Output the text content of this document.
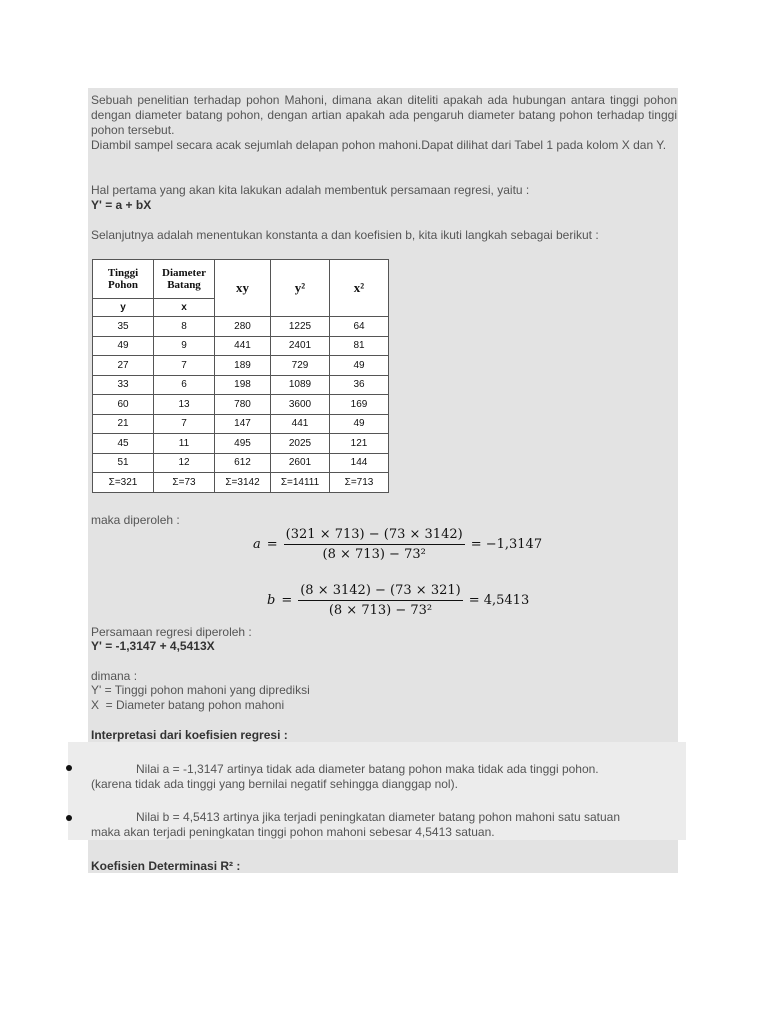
Sebuah penelitian terhadap pohon Mahoni, dimana akan diteliti apakah ada hubungan antara tinggi pohon dengan diameter batang pohon, dengan artian apakah ada pengaruh diameter batang pohon terhadap tinggi pohon tersebut.
Diambil sampel secara acak sejumlah delapan pohon mahoni.Dapat dilihat dari Tabel 1 pada kolom X dan Y.
Hal pertama yang akan kita lakukan adalah membentuk persamaan regresi, yaitu :
Y' = a + bX
Selanjutnya adalah menentukan konstanta a dan koefisien b, kita ikuti langkah sebagai berikut :
Tinggi Pohon	Diameter Batang	xy	y²	x²
y	x			
35	8	280	1225	64
49	9	441	2401	81
27	7	189	729	49
33	6	198	1089	36
60	13	780	3600	169
21	7	147	441	49
45	11	495	2025	121
51	12	612	2601	144
Σ=321	Σ=73	Σ=3142	Σ=14111	Σ=713
maka diperoleh :
$a = \frac{(321 \times 713) - (73 \times 3142)}{\text{(8 × 713) − 73²}} = -1,3147$
$b = \frac{(8 \times 3142) - (73 \times 321)}{\text{(8 × 713) − 73²}} = 4,5413$
Persamaan regresi diperoleh :
Y' = -1,3147 + 4,5413X
dimana :
Y' = Tinggi pohon mahoni yang diprediksi
X  = Diameter batang pohon mahoni
Interpretasi dari koefisien regresi :
Nilai a = -1,3147 artinya tidak ada diameter batang pohon maka tidak ada tinggi pohon.
(karena tidak ada tinggi yang bernilai negatif sehingga dianggap nol).
Nilai b = 4,5413 artinya jika terjadi peningkatan diameter batang pohon mahoni satu satuan
maka akan terjadi peningkatan tinggi pohon mahoni sebesar 4,5413 satuan.
Koefisien Determinasi R² :
